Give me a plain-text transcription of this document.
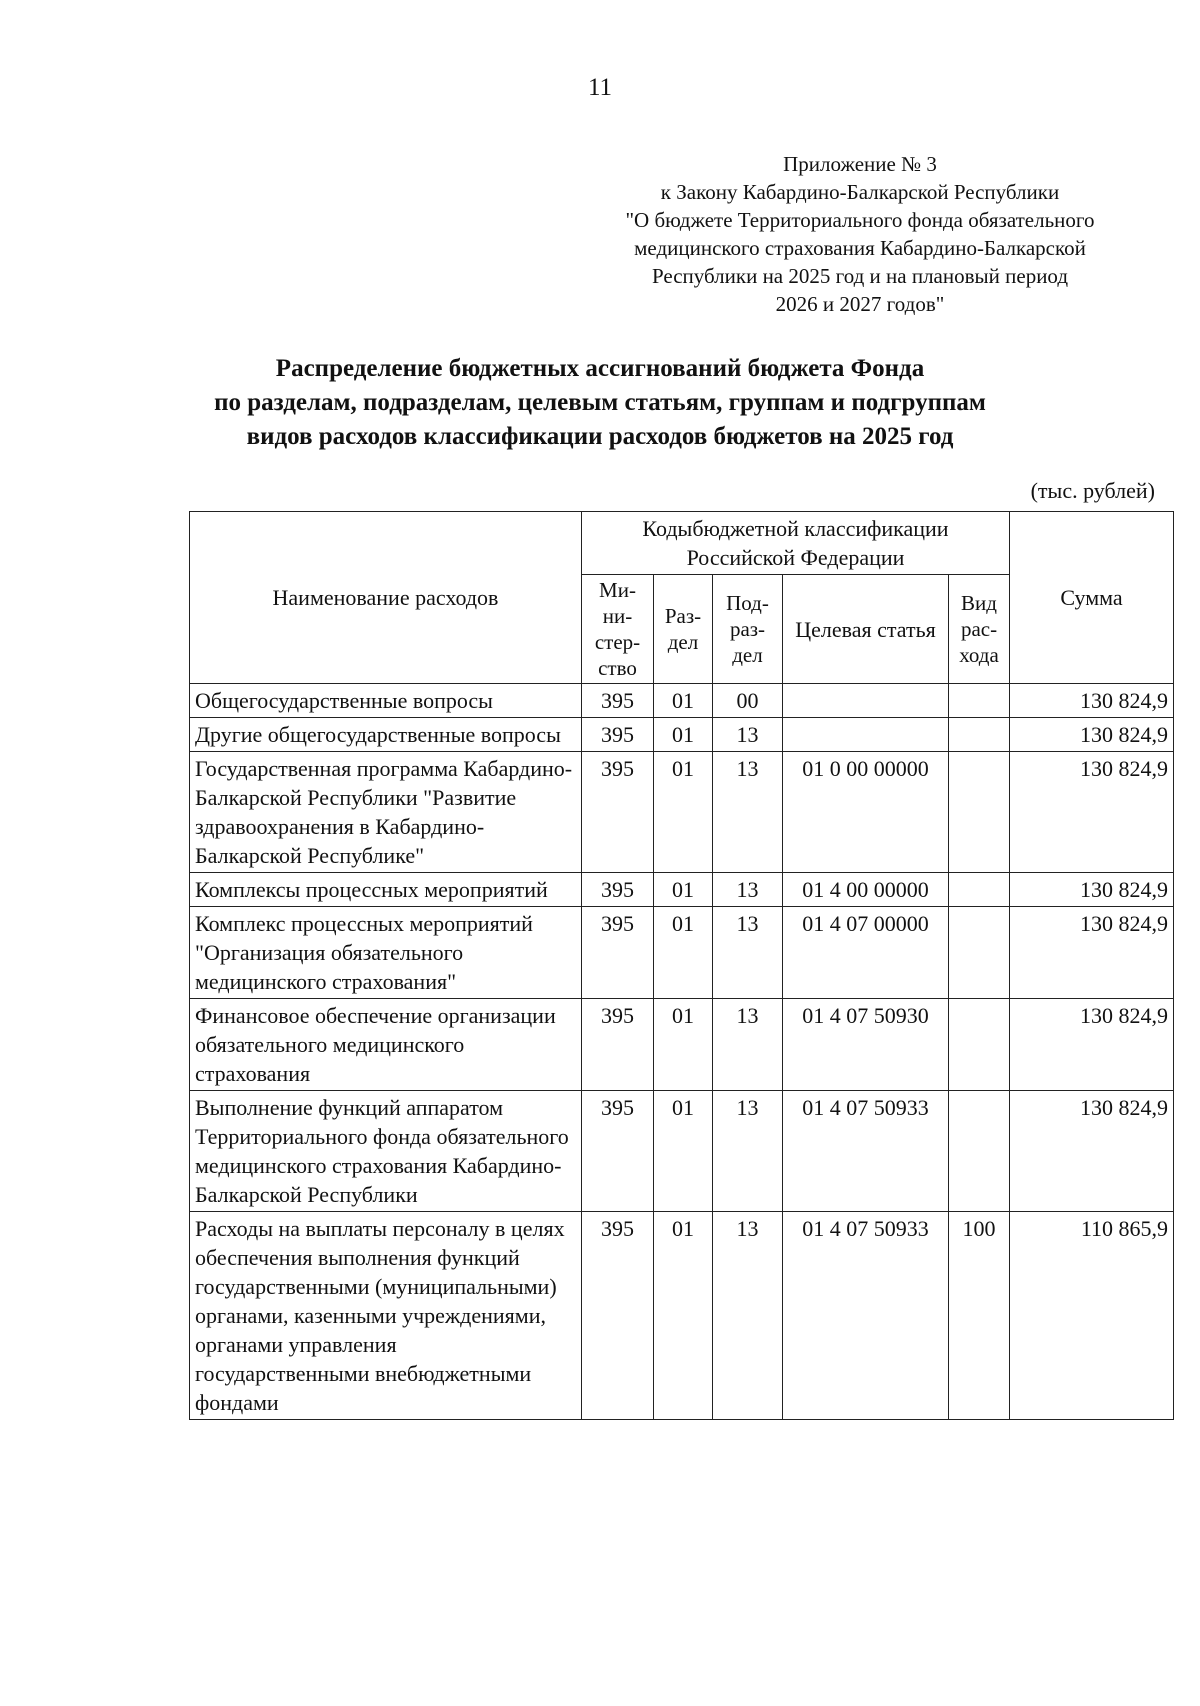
11
Приложение № 3
к Закону Кабардино-Балкарской Республики
"О бюджете Территориального фонда обязательного
медицинского страхования Кабардино-Балкарской
Республики на 2025 год и на плановый период
2026 и 2027 годов"
Распределение бюджетных ассигнований бюджета Фонда
по разделам, подразделам, целевым статьям, группам и подгруппам
видов расходов классификации расходов бюджетов на 2025 год
(тыс. рублей)
Наименование расходов	Кодыбюджетной классификации Российской Федерации					Сумма
	Ми-ни-стер-ство	Раз-дел	Под-раз-дел	Целевая статья	Вид рас-хода	
Общегосударственные вопросы	395	01	00			130 824,9
Другие общегосударственные вопросы	395	01	13			130 824,9
Государственная программа Кабардино-Балкарской Республики "Развитие здравоохранения в Кабардино-Балкарской Республике"	395	01	13	01 0 00 00000		130 824,9
Комплексы процессных мероприятий	395	01	13	01 4 00 00000		130 824,9
Комплекс процессных мероприятий "Организация обязательного медицинского страхования"	395	01	13	01 4 07 00000		130 824,9
Финансовое обеспечение организации обязательного медицинского страхования	395	01	13	01 4 07 50930		130 824,9
Выполнение функций аппаратом Территориального фонда обязательного медицинского страхования Кабардино-Балкарской Республики	395	01	13	01 4 07 50933		130 824,9
Расходы на выплаты персоналу в целях обеспечения выполнения функций государственными (муниципальными) органами, казенными учреждениями, органами управления государственными внебюджетными фондами	395	01	13	01 4 07 50933	100	110 865,9
